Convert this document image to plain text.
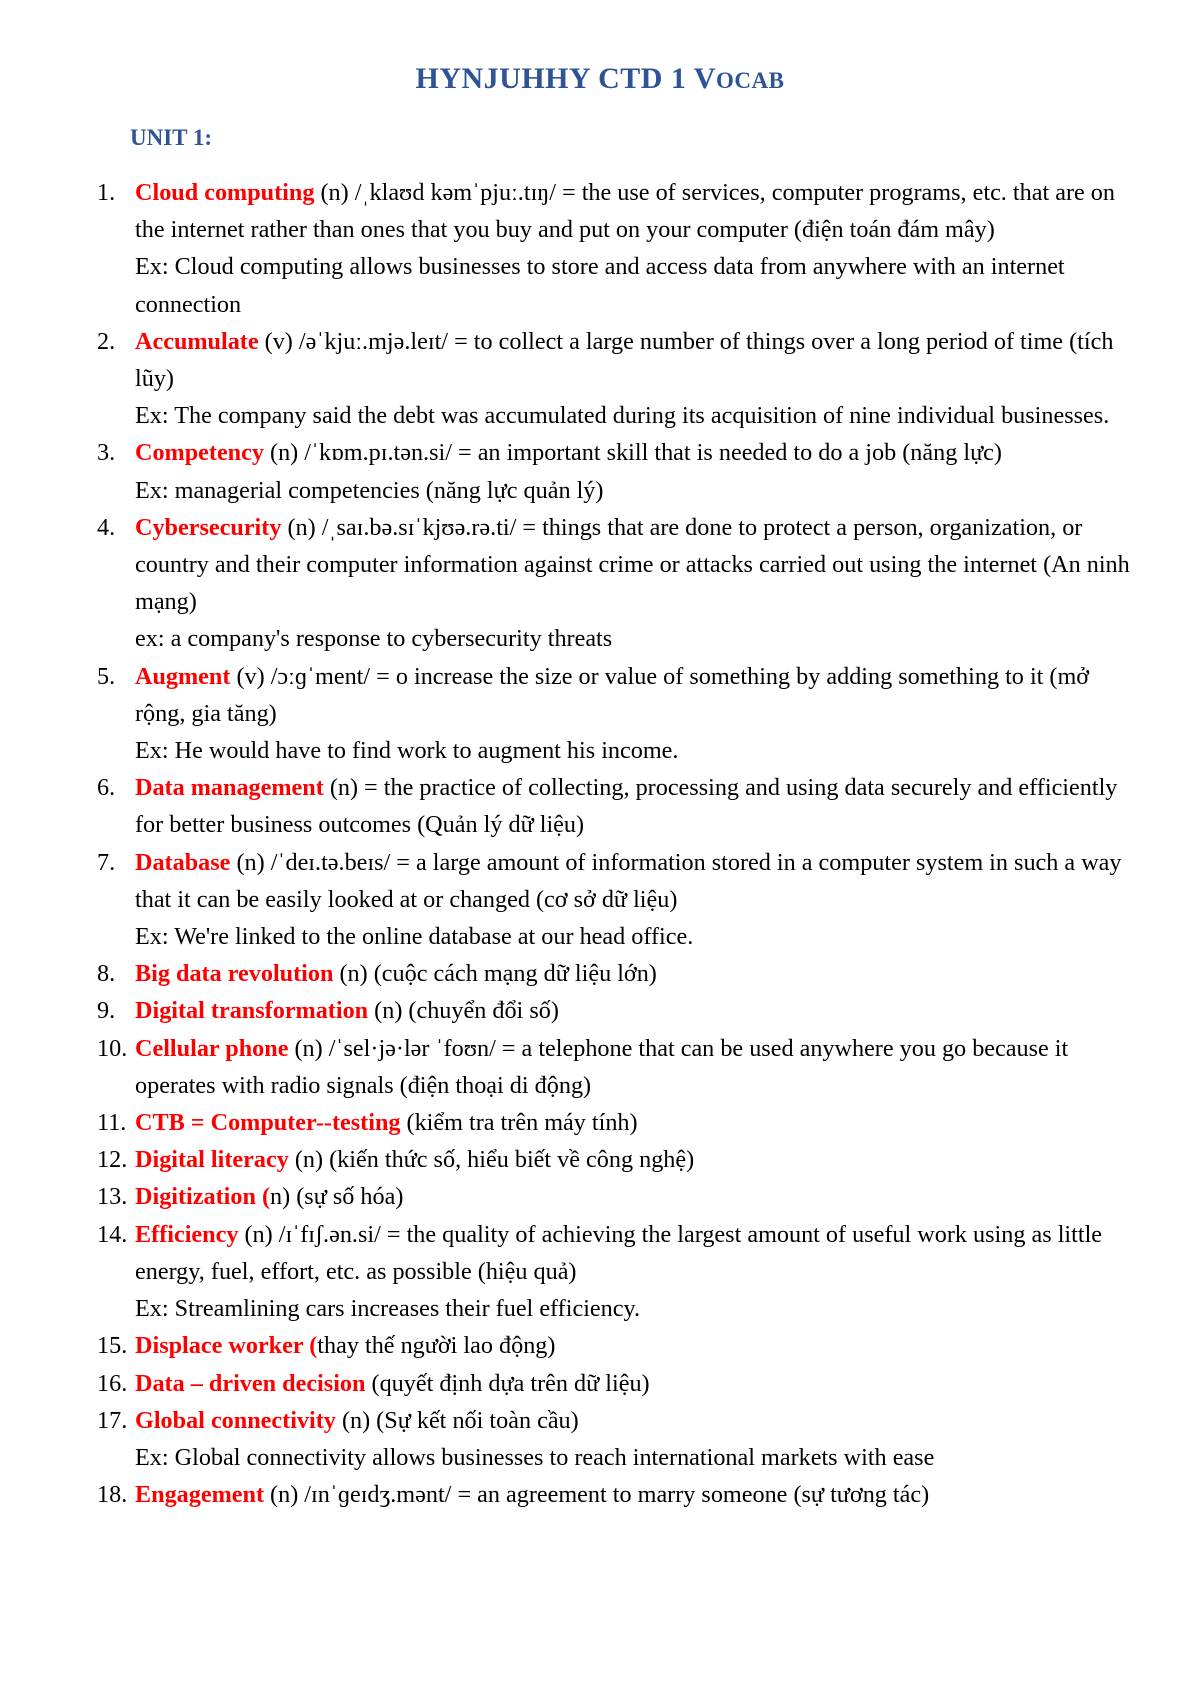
HYNJUHHY CTD 1 VOCAB
UNIT 1:
1. Cloud computing (n) /ˌklaʊd kəmˈpjuː.tɪŋ/ = the use of services, computer programs, etc. that are on the internet rather than ones that you buy and put on your computer (điện toán đám mây)
Ex: Cloud computing allows businesses to store and access data from anywhere with an internet connection
2. Accumulate (v) /əˈkjuː.mjə.leɪt/ = to collect a large number of things over a long period of time (tích lũy)
Ex: The company said the debt was accumulated during its acquisition of nine individual businesses.
3. Competency (n) /ˈkɒm.pɪ.tən.si/ = an important skill that is needed to do a job (năng lực)
Ex: managerial competencies (năng lực quản lý)
4. Cybersecurity (n) /ˌsaɪ.bə.sɪˈkjʊə.rə.ti/ = things that are done to protect a person, organization, or country and their computer information against crime or attacks carried out using the internet (An ninh mạng)
ex: a company's response to cybersecurity threats
5. Augment (v) /ɔːɡˈment/ = o increase the size or value of something by adding something to it (mở rộng, gia tăng)
Ex: He would have to find work to augment his income.
6. Data management (n) = the practice of collecting, processing and using data securely and efficiently for better business outcomes (Quản lý dữ liệu)
7. Database (n) /ˈdeɪ.tə.beɪs/ = a large amount of information stored in a computer system in such a way that it can be easily looked at or changed (cơ sở dữ liệu)
Ex: We're linked to the online database at our head office.
8. Big data revolution (n) (cuộc cách mạng dữ liệu lớn)
9. Digital transformation (n) (chuyển đổi số)
10. Cellular phone (n) /ˈsel·jə·lər ˈfoʊn/ = a telephone that can be used anywhere you go because it operates with radio signals (điện thoại di động)
11. CTB = Computer--testing (kiểm tra trên máy tính)
12. Digital literacy (n) (kiến thức số, hiểu biết về công nghệ)
13. Digitization (n) (sự số hóa)
14. Efficiency (n) /ɪˈfɪʃ.ən.si/ = the quality of achieving the largest amount of useful work using as little energy, fuel, effort, etc. as possible (hiệu quả)
Ex: Streamlining cars increases their fuel efficiency.
15. Displace worker (thay thế người lao động)
16. Data – driven decision (quyết định dựa trên dữ liệu)
17. Global connectivity (n) (Sự kết nối toàn cầu)
Ex: Global connectivity allows businesses to reach international markets with ease
18. Engagement (n) /ɪnˈɡeɪdʒ.mənt/ = an agreement to marry someone (sự tương tác)
